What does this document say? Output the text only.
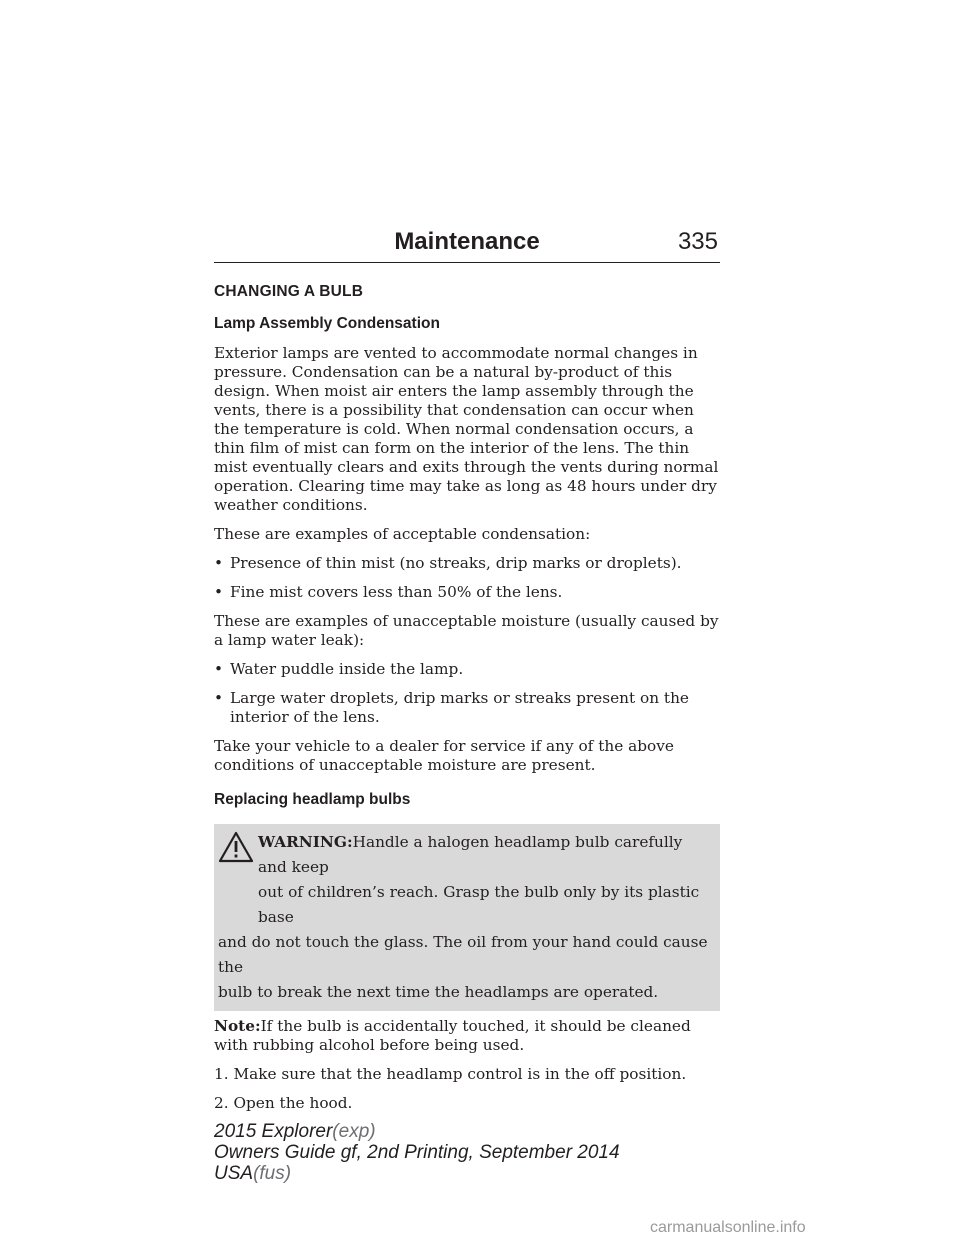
Maintenance	335
CHANGING A BULB
Lamp Assembly Condensation

Exterior lamps are vented to accommodate normal changes in pressure. Condensation can be a natural by-product of this design. When moist air enters the lamp assembly through the vents, there is a possibility that condensation can occur when the temperature is cold. When normal condensation occurs, a thin film of mist can form on the interior of the lens. The thin mist eventually clears and exits through the vents during normal operation. Clearing time may take as long as 48 hours under dry weather conditions.

These are examples of acceptable condensation:

• Presence of thin mist (no streaks, drip marks or droplets).
• Fine mist covers less than 50% of the lens.

These are examples of unacceptable moisture (usually caused by a lamp water leak):

• Water puddle inside the lamp.
• Large water droplets, drip marks or streaks present on the interior of the lens.

Take your vehicle to a dealer for service if any of the above conditions of unacceptable moisture are present.

Replacing headlamp bulbs
WARNING:Handle a halogen headlamp bulb carefully and keep
out of children’s reach. Grasp the bulb only by its plastic base
and do not touch the glass. The oil from your hand could cause the
bulb to break the next time the headlamps are operated.

Note:If the bulb is accidentally touched, it should be cleaned with rubbing alcohol before being used.

1. Make sure that the headlamp control is in the off position.

2. Open the hood.

2015 Explorer(exp)
Owners Guide gf, 2nd Printing, September 2014
USA(fus)
carmanualsonline.info
